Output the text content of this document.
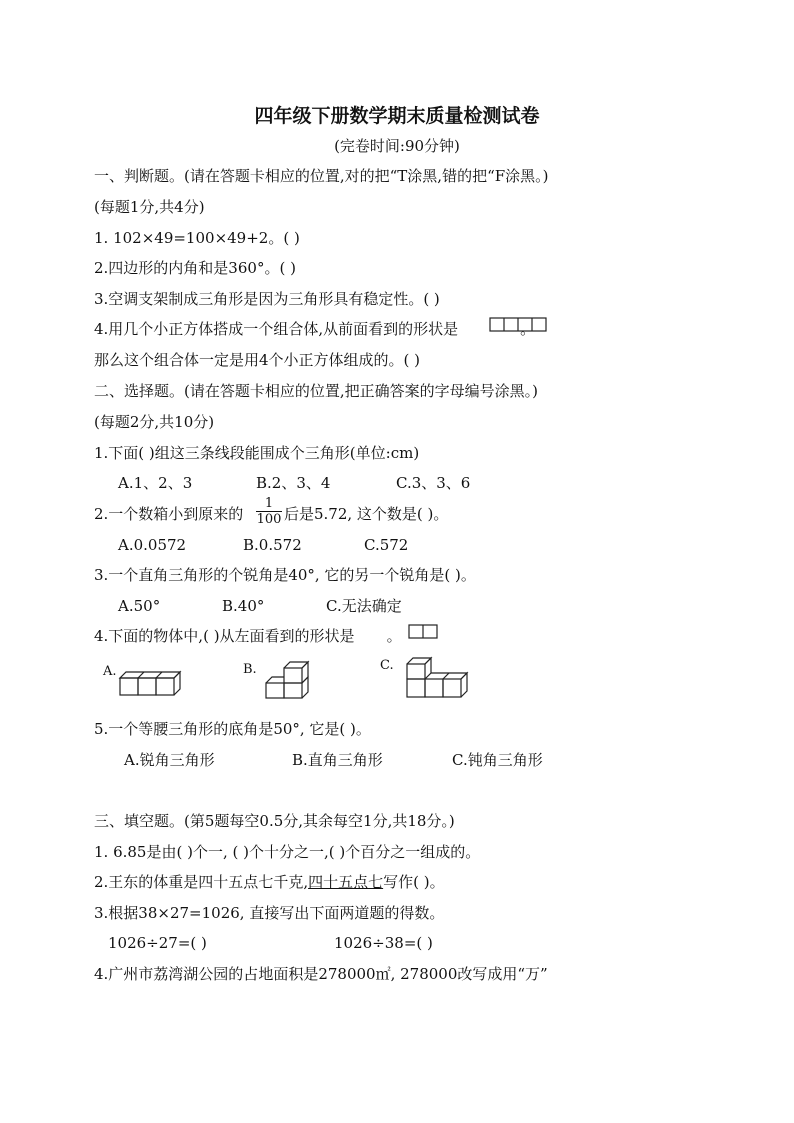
四年级下册数学期末质量检测试卷
(完卷时间:90分钟)
一、判断题。(请在答题卡相应的位置,对的把“T涂黑,错的把“F涂黑。)
(每题1分,共4分)
1. 102×49=100×49+2。( )
2.四边形的内角和是360°。( )
3.空调支架制成三角形是因为三角形具有稳定性。( )
4.用几个小正方体搭成一个组合体,从前面看到的形状是	。
那么这个组合体一定是用4个小正方体组成的。( )
二、选择题。(请在答题卡相应的位置,把正确答案的字母编号涂黑。)
(每题2分,共10分)
1.下面( )组这三条线段能围成个三角形(单位:cm)
A.1、2、3	B.2、3、4	C.3、3、6
2.一个数箱小到原来的 $\frac{1}{100}$ 后是5.72, 这个数是( )。
A.0.0572	B.0.572	C.572
3.一个直角三角形的个锐角是40°, 它的另一个锐角是( )。
A.50°	B.40°	C.无法确定
4.下面的物体中,( )从左面看到的形状是 。
A.	B.	C.
5.一个等腰三角形的底角是50°, 它是( )。
A.锐角三角形	B.直角三角形	C.钝角三角形
三、填空题。(第5题每空0.5分,其余每空1分,共18分。)
1. 6.85是由( )个一, ( )个十分之一,( )个百分之一组成的。
2.王东的体重是四十五点七千克,四十五点七写作( )。
3.根据38×27=1026, 直接写出下面两道题的得数。
1026÷27=( )	1026÷38=( )
4.广州市荔湾湖公园的占地面积是278000㎡, 278000改写成用“万”
